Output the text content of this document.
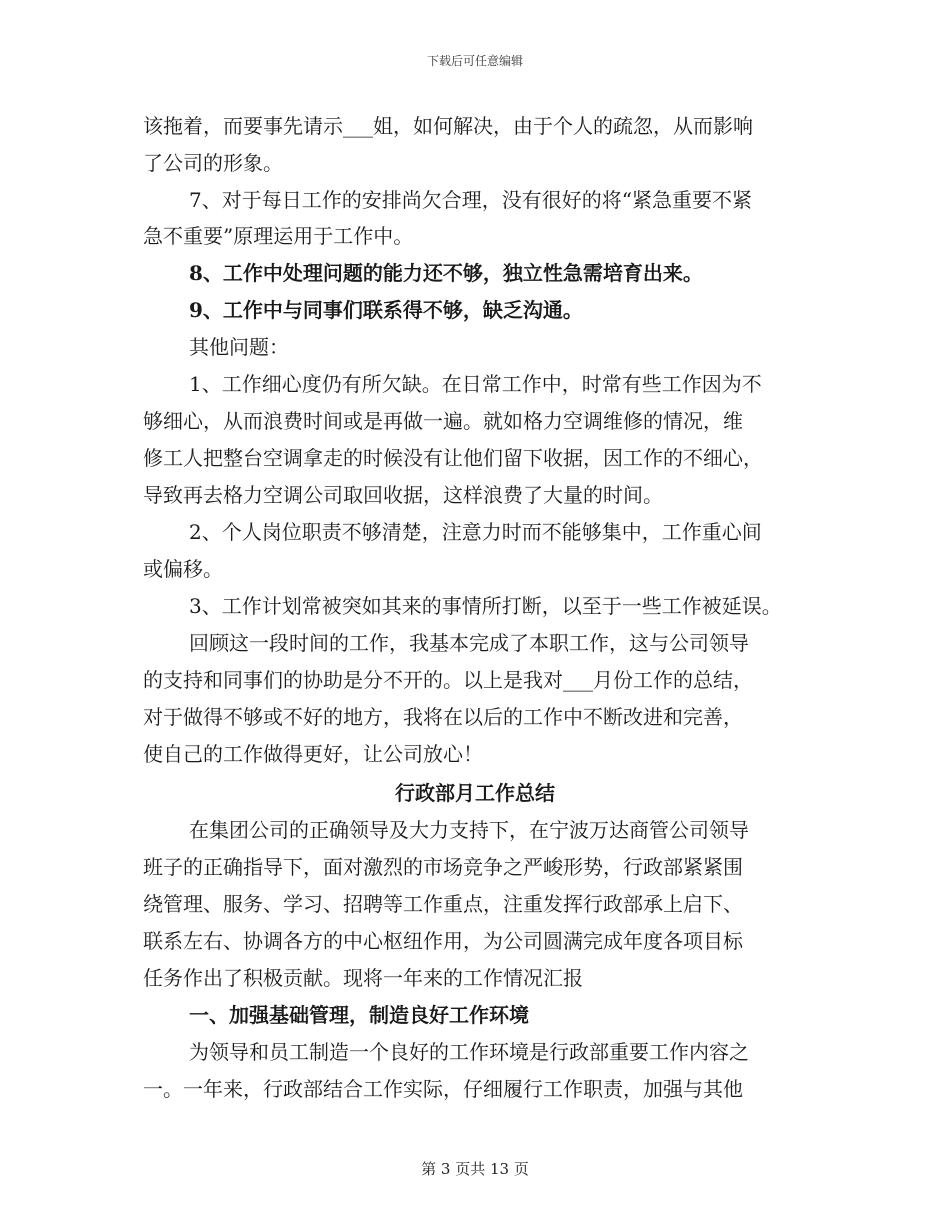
下载后可任意编辑
该拖着，而要事先请示___姐，如何解决，由于个人的疏忽，从而影响
了公司的形象。
7、对于每日工作的安排尚欠合理，没有很好的将“紧急重要不紧
急不重要”原理运用于工作中。
8、工作中处理问题的能力还不够，独立性急需培育出来。
9、工作中与同事们联系得不够，缺乏沟通。
其他问题：
1、工作细心度仍有所欠缺。在日常工作中，时常有些工作因为不
够细心，从而浪费时间或是再做一遍。就如格力空调维修的情况，维
修工人把整台空调拿走的时候没有让他们留下收据，因工作的不细心，
导致再去格力空调公司取回收据，这样浪费了大量的时间。
2、个人岗位职责不够清楚，注意力时而不能够集中，工作重心间
或偏移。
3、工作计划常被突如其来的事情所打断，以至于一些工作被延误。
回顾这一段时间的工作，我基本完成了本职工作，这与公司领导
的支持和同事们的协助是分不开的。以上是我对___月份工作的总结，
对于做得不够或不好的地方，我将在以后的工作中不断改进和完善，
使自己的工作做得更好，让公司放心！
行政部月工作总结
在集团公司的正确领导及大力支持下，在宁波万达商管公司领导
班子的正确指导下，面对激烈的市场竞争之严峻形势，行政部紧紧围
绕管理、服务、学习、招聘等工作重点，注重发挥行政部承上启下、
联系左右、协调各方的中心枢纽作用，为公司圆满完成年度各项目标
任务作出了积极贡献。现将一年来的工作情况汇报
一、加强基础管理，制造良好工作环境
为领导和员工制造一个良好的工作环境是行政部重要工作内容之
一。一年来，行政部结合工作实际，仔细履行工作职责，加强与其他
第 3 页共 13 页
